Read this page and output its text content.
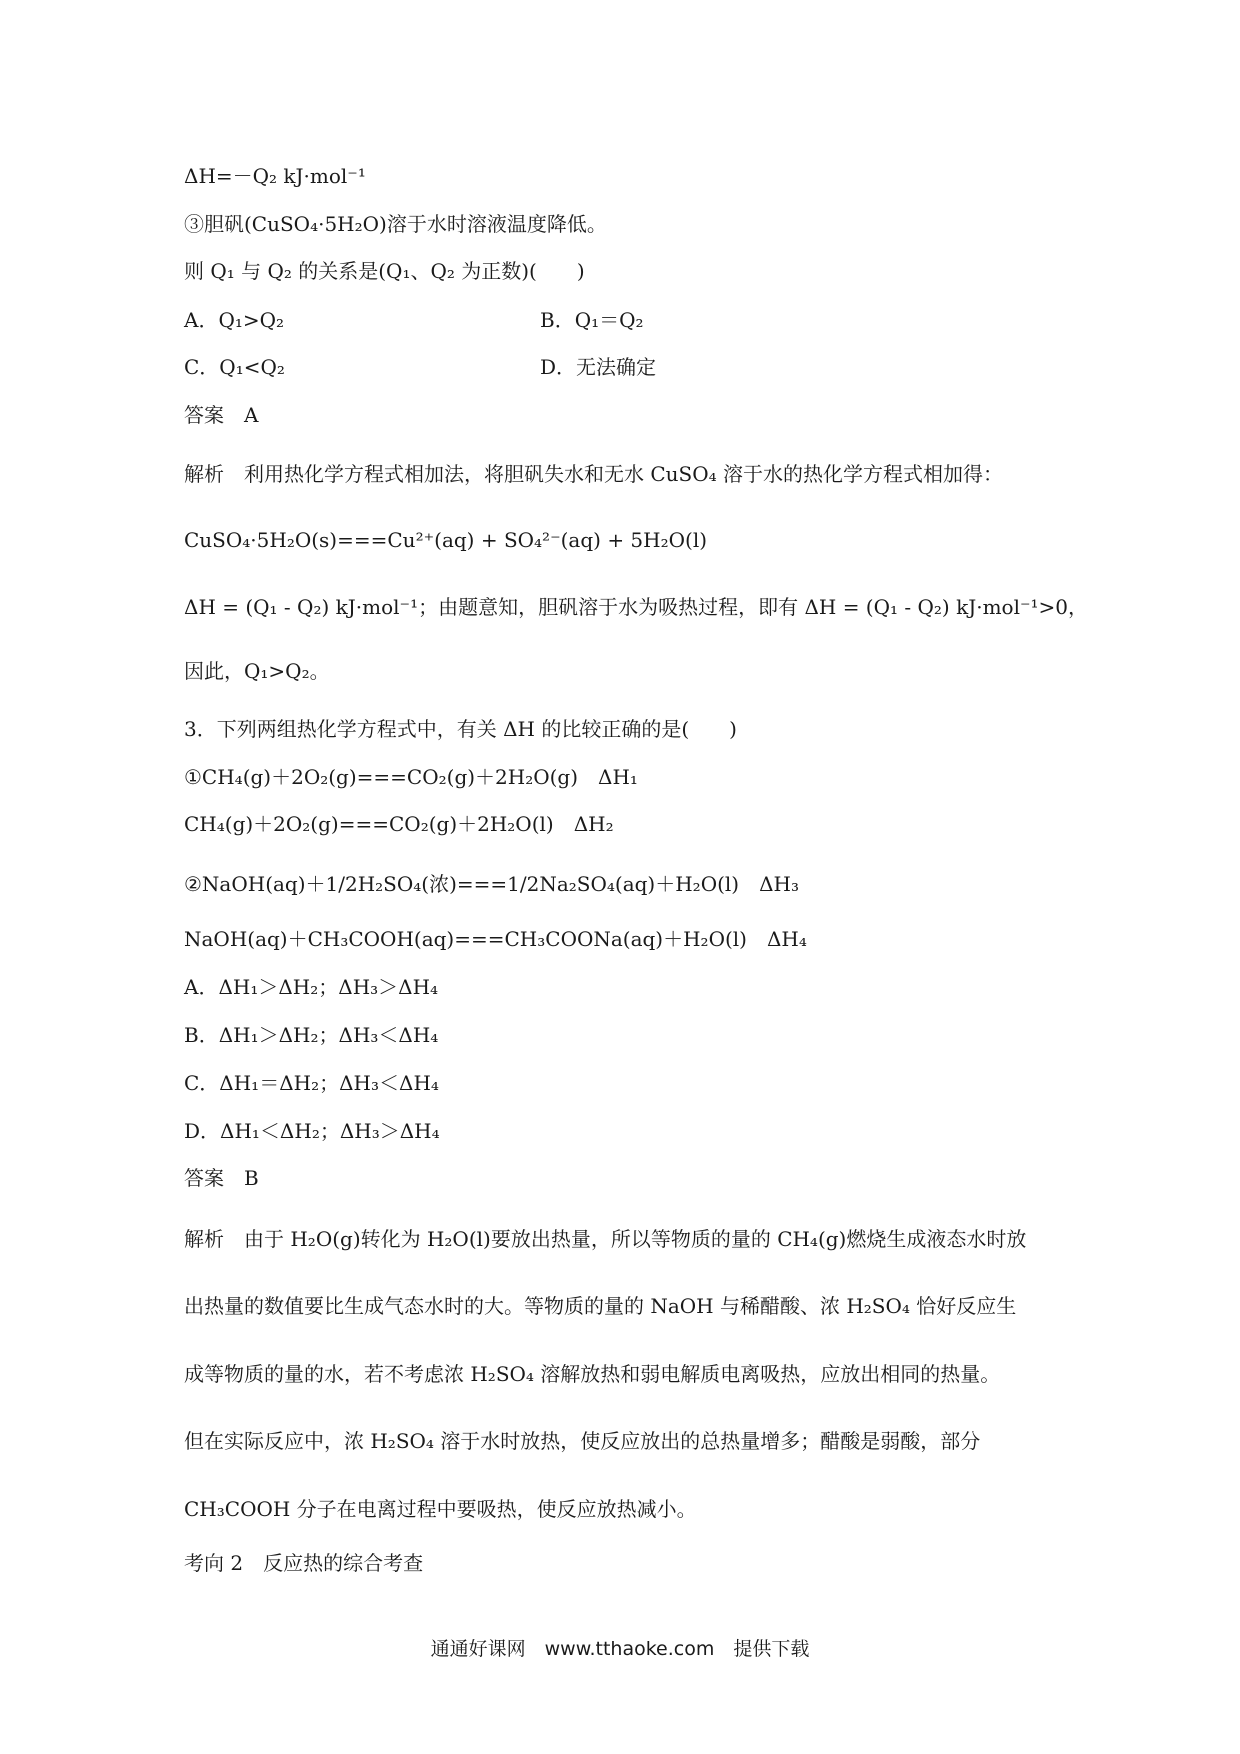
ΔH=－Q₂ kJ·mol⁻¹

③胆矾(CuSO₄·5H₂O)溶于水时溶液温度降低。

则 Q₁ 与 Q₂ 的关系是(Q₁、Q₂ 为正数)(　　)

A．Q₁>Q₂	B．Q₁＝Q₂
C．Q₁<Q₂	D．无法确定

答案　A

解析　利用热化学方程式相加法，将胆矾失水和无水 CuSO₄ 溶于水的热化学方程式相加得：

CuSO₄·5H₂O(s)===Cu²⁺(aq) + SO₄²⁻(aq) + 5H₂O(l)

ΔH = (Q₁ - Q₂) kJ·mol⁻¹；由题意知，胆矾溶于水为吸热过程，即有 ΔH = (Q₁ - Q₂) kJ·mol⁻¹>0，

因此，Q₁>Q₂。

3．下列两组热化学方程式中，有关 ΔH 的比较正确的是(　　)

①CH₄(g)＋2O₂(g)===CO₂(g)＋2H₂O(g)　ΔH₁

CH₄(g)＋2O₂(g)===CO₂(g)＋2H₂O(l)　ΔH₂

②NaOH(aq)＋1/2H₂SO₄(浓)===1/2Na₂SO₄(aq)＋H₂O(l)　ΔH₃

NaOH(aq)＋CH₃COOH(aq)===CH₃COONa(aq)＋H₂O(l)　ΔH₄

A．ΔH₁＞ΔH₂；ΔH₃＞ΔH₄

B．ΔH₁＞ΔH₂；ΔH₃＜ΔH₄

C．ΔH₁＝ΔH₂；ΔH₃＜ΔH₄

D．ΔH₁＜ΔH₂；ΔH₃＞ΔH₄

答案　B

解析　由于 H₂O(g)转化为 H₂O(l)要放出热量，所以等物质的量的 CH₄(g)燃烧生成液态水时放

出热量的数值要比生成气态水时的大。等物质的量的 NaOH 与稀醋酸、浓 H₂SO₄ 恰好反应生

成等物质的量的水，若不考虑浓 H₂SO₄ 溶解放热和弱电解质电离吸热，应放出相同的热量。

但在实际反应中，浓 H₂SO₄ 溶于水时放热，使反应放出的总热量增多；醋酸是弱酸，部分

CH₃COOH 分子在电离过程中要吸热，使反应放热减小。

考向 2　反应热的综合考查

通通好课网　www.tthaoke.com　提供下载
